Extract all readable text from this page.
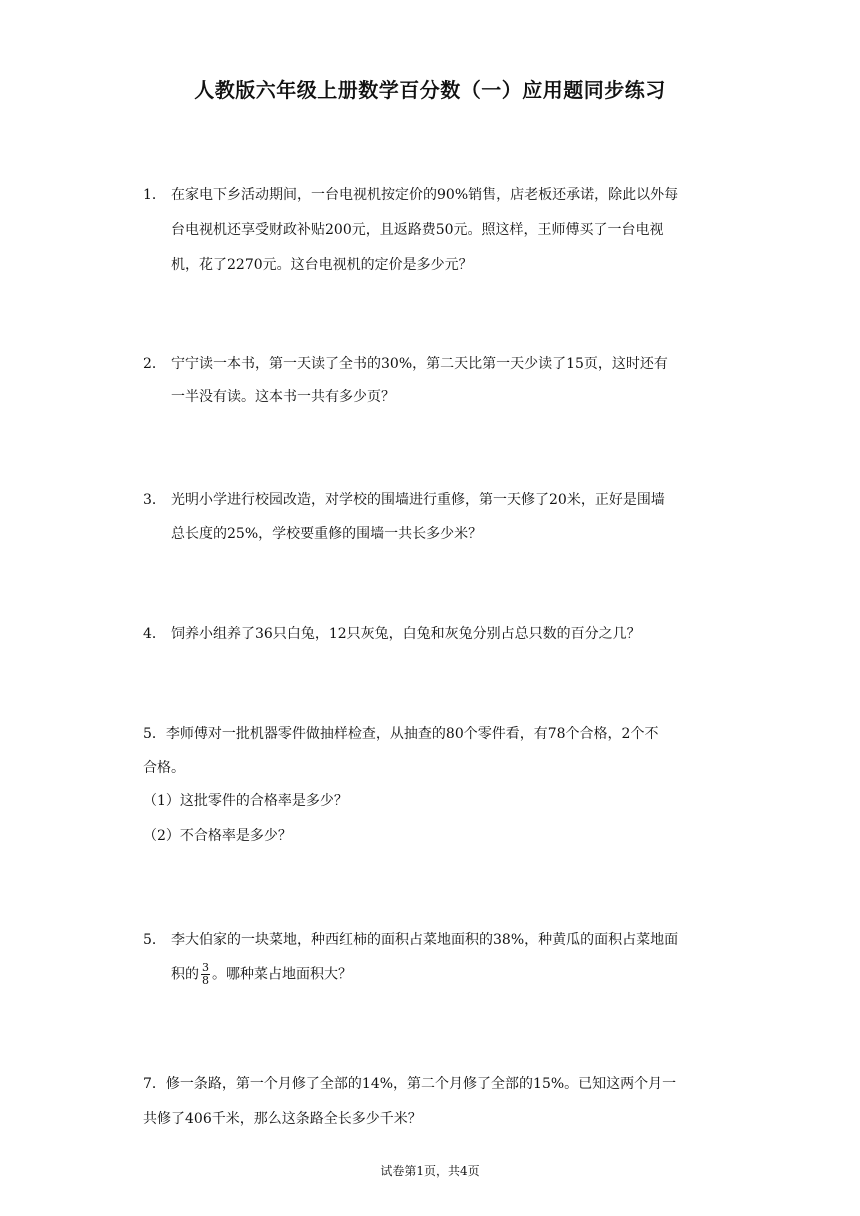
人教版六年级上册数学百分数（一）应用题同步练习
1． 在家电下乡活动期间，一台电视机按定价的90%销售，店老板还承诺，除此以外每
台电视机还享受财政补贴200元，且返路费50元。照这样，王师傅买了一台电视
机，花了2270元。这台电视机的定价是多少元？
2． 宁宁读一本书，第一天读了全书的30%，第二天比第一天少读了15页，这时还有
一半没有读。这本书一共有多少页？
3． 光明小学进行校园改造，对学校的围墙进行重修，第一天修了20米，正好是围墙
总长度的25%，学校要重修的围墙一共长多少米？
4． 饲养小组养了36只白兔，12只灰兔，白兔和灰兔分别占总只数的百分之几？
5．李师傅对一批机器零件做抽样检查，从抽查的80个零件看，有78个合格，2个不
合格。
（1）这批零件的合格率是多少？
（2）不合格率是多少？
5． 李大伯家的一块菜地，种西红柿的面积占菜地面积的38%，种黄瓜的面积占菜地面
积的 $\frac{3}{8}$ 。哪种菜占地面积大？
7．修一条路，第一个月修了全部的14%，第二个月修了全部的15%。已知这两个月一
共修了406千米，那么这条路全长多少千米？
试卷第1页，共4页
